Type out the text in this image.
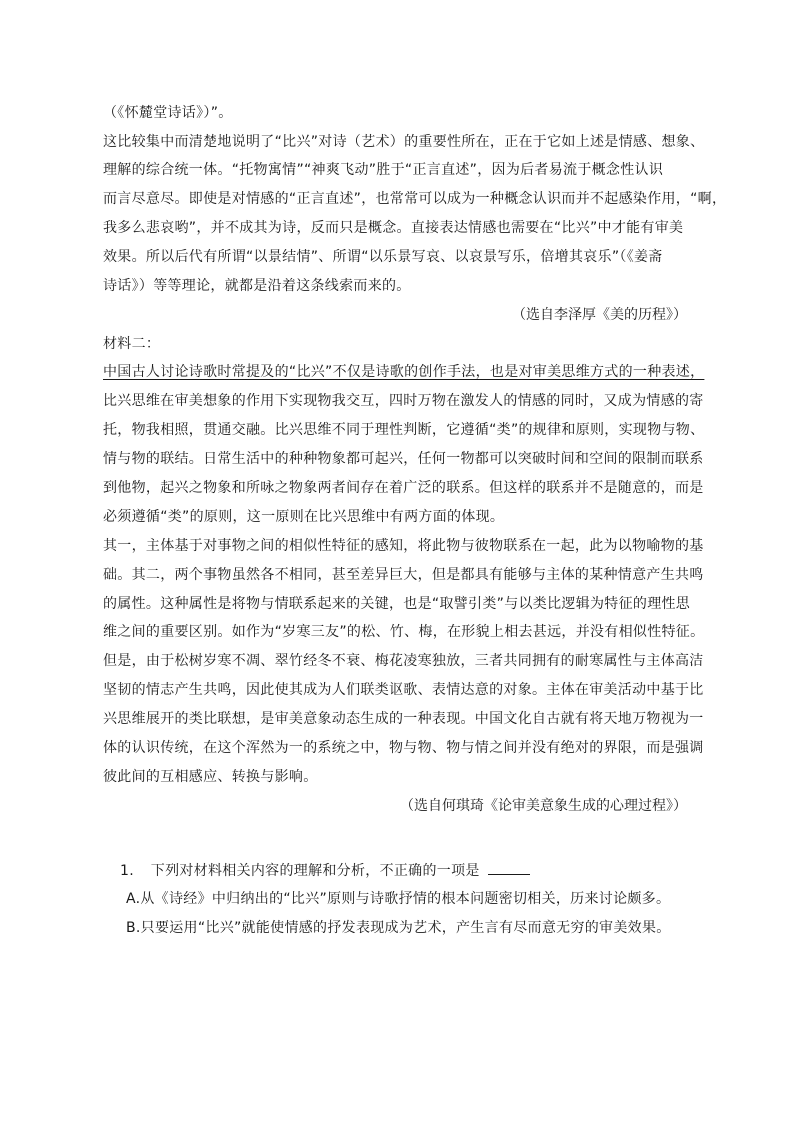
（《怀麓堂诗话》）”。
这比较集中而清楚地说明了“比兴”对诗（艺术）的重要性所在，正在于它如上述是情感、想象、
理解的综合统一体。“托物寓情”“神爽飞动”胜于“正言直述”，因为后者易流于概念性认识
而言尽意尽。即使是对情感的“正言直述”，也常常可以成为一种概念认识而并不起感染作用，“啊，
我多么悲哀哟”，并不成其为诗，反而只是概念。直接表达情感也需要在“比兴”中才能有审美
效果。所以后代有所谓“以景结情”、所谓“以乐景写哀、以哀景写乐，倍增其哀乐”（《姜斋
诗话》）等等理论，就都是沿着这条线索而来的。
（选自李泽厚《美的历程》）
材料二：
中国古人讨论诗歌时常提及的“比兴”不仅是诗歌的创作手法，也是对审美思维方式的一种表述，
比兴思维在审美想象的作用下实现物我交互，四时万物在激发人的情感的同时，又成为情感的寄
托，物我相照，贯通交融。比兴思维不同于理性判断，它遵循“类”的规律和原则，实现物与物、
情与物的联结。日常生活中的种种物象都可起兴，任何一物都可以突破时间和空间的限制而联系
到他物，起兴之物象和所咏之物象两者间存在着广泛的联系。但这样的联系并不是随意的，而是
必须遵循“类”的原则，这一原则在比兴思维中有两方面的体现。
其一，主体基于对事物之间的相似性特征的感知，将此物与彼物联系在一起，此为以物喻物的基
础。其二，两个事物虽然各不相同，甚至差异巨大，但是都具有能够与主体的某种情意产生共鸣
的属性。这种属性是将物与情联系起来的关键，也是“取譬引类”与以类比逻辑为特征的理性思
维之间的重要区别。如作为“岁寒三友”的松、竹、梅，在形貌上相去甚远，并没有相似性特征。
但是，由于松树岁寒不凋、翠竹经冬不衰、梅花凌寒独放，三者共同拥有的耐寒属性与主体高洁
坚韧的情志产生共鸣，因此使其成为人们联类讴歌、表情达意的对象。主体在审美活动中基于比
兴思维展开的类比联想，是审美意象动态生成的一种表现。中国文化自古就有将天地万物视为一
体的认识传统，在这个浑然为一的系统之中，物与物、物与情之间并没有绝对的界限，而是强调
彼此间的互相感应、转换与影响。
（选自何琪琦《论审美意象生成的心理过程》）
1. 下列对材料相关内容的理解和分析，不正确的一项是
A.从《诗经》中归纳出的“比兴”原则与诗歌抒情的根本问题密切相关，历来讨论颇多。
B.只要运用“比兴”就能使情感的抒发表现成为艺术，产生言有尽而意无穷的审美效果。
